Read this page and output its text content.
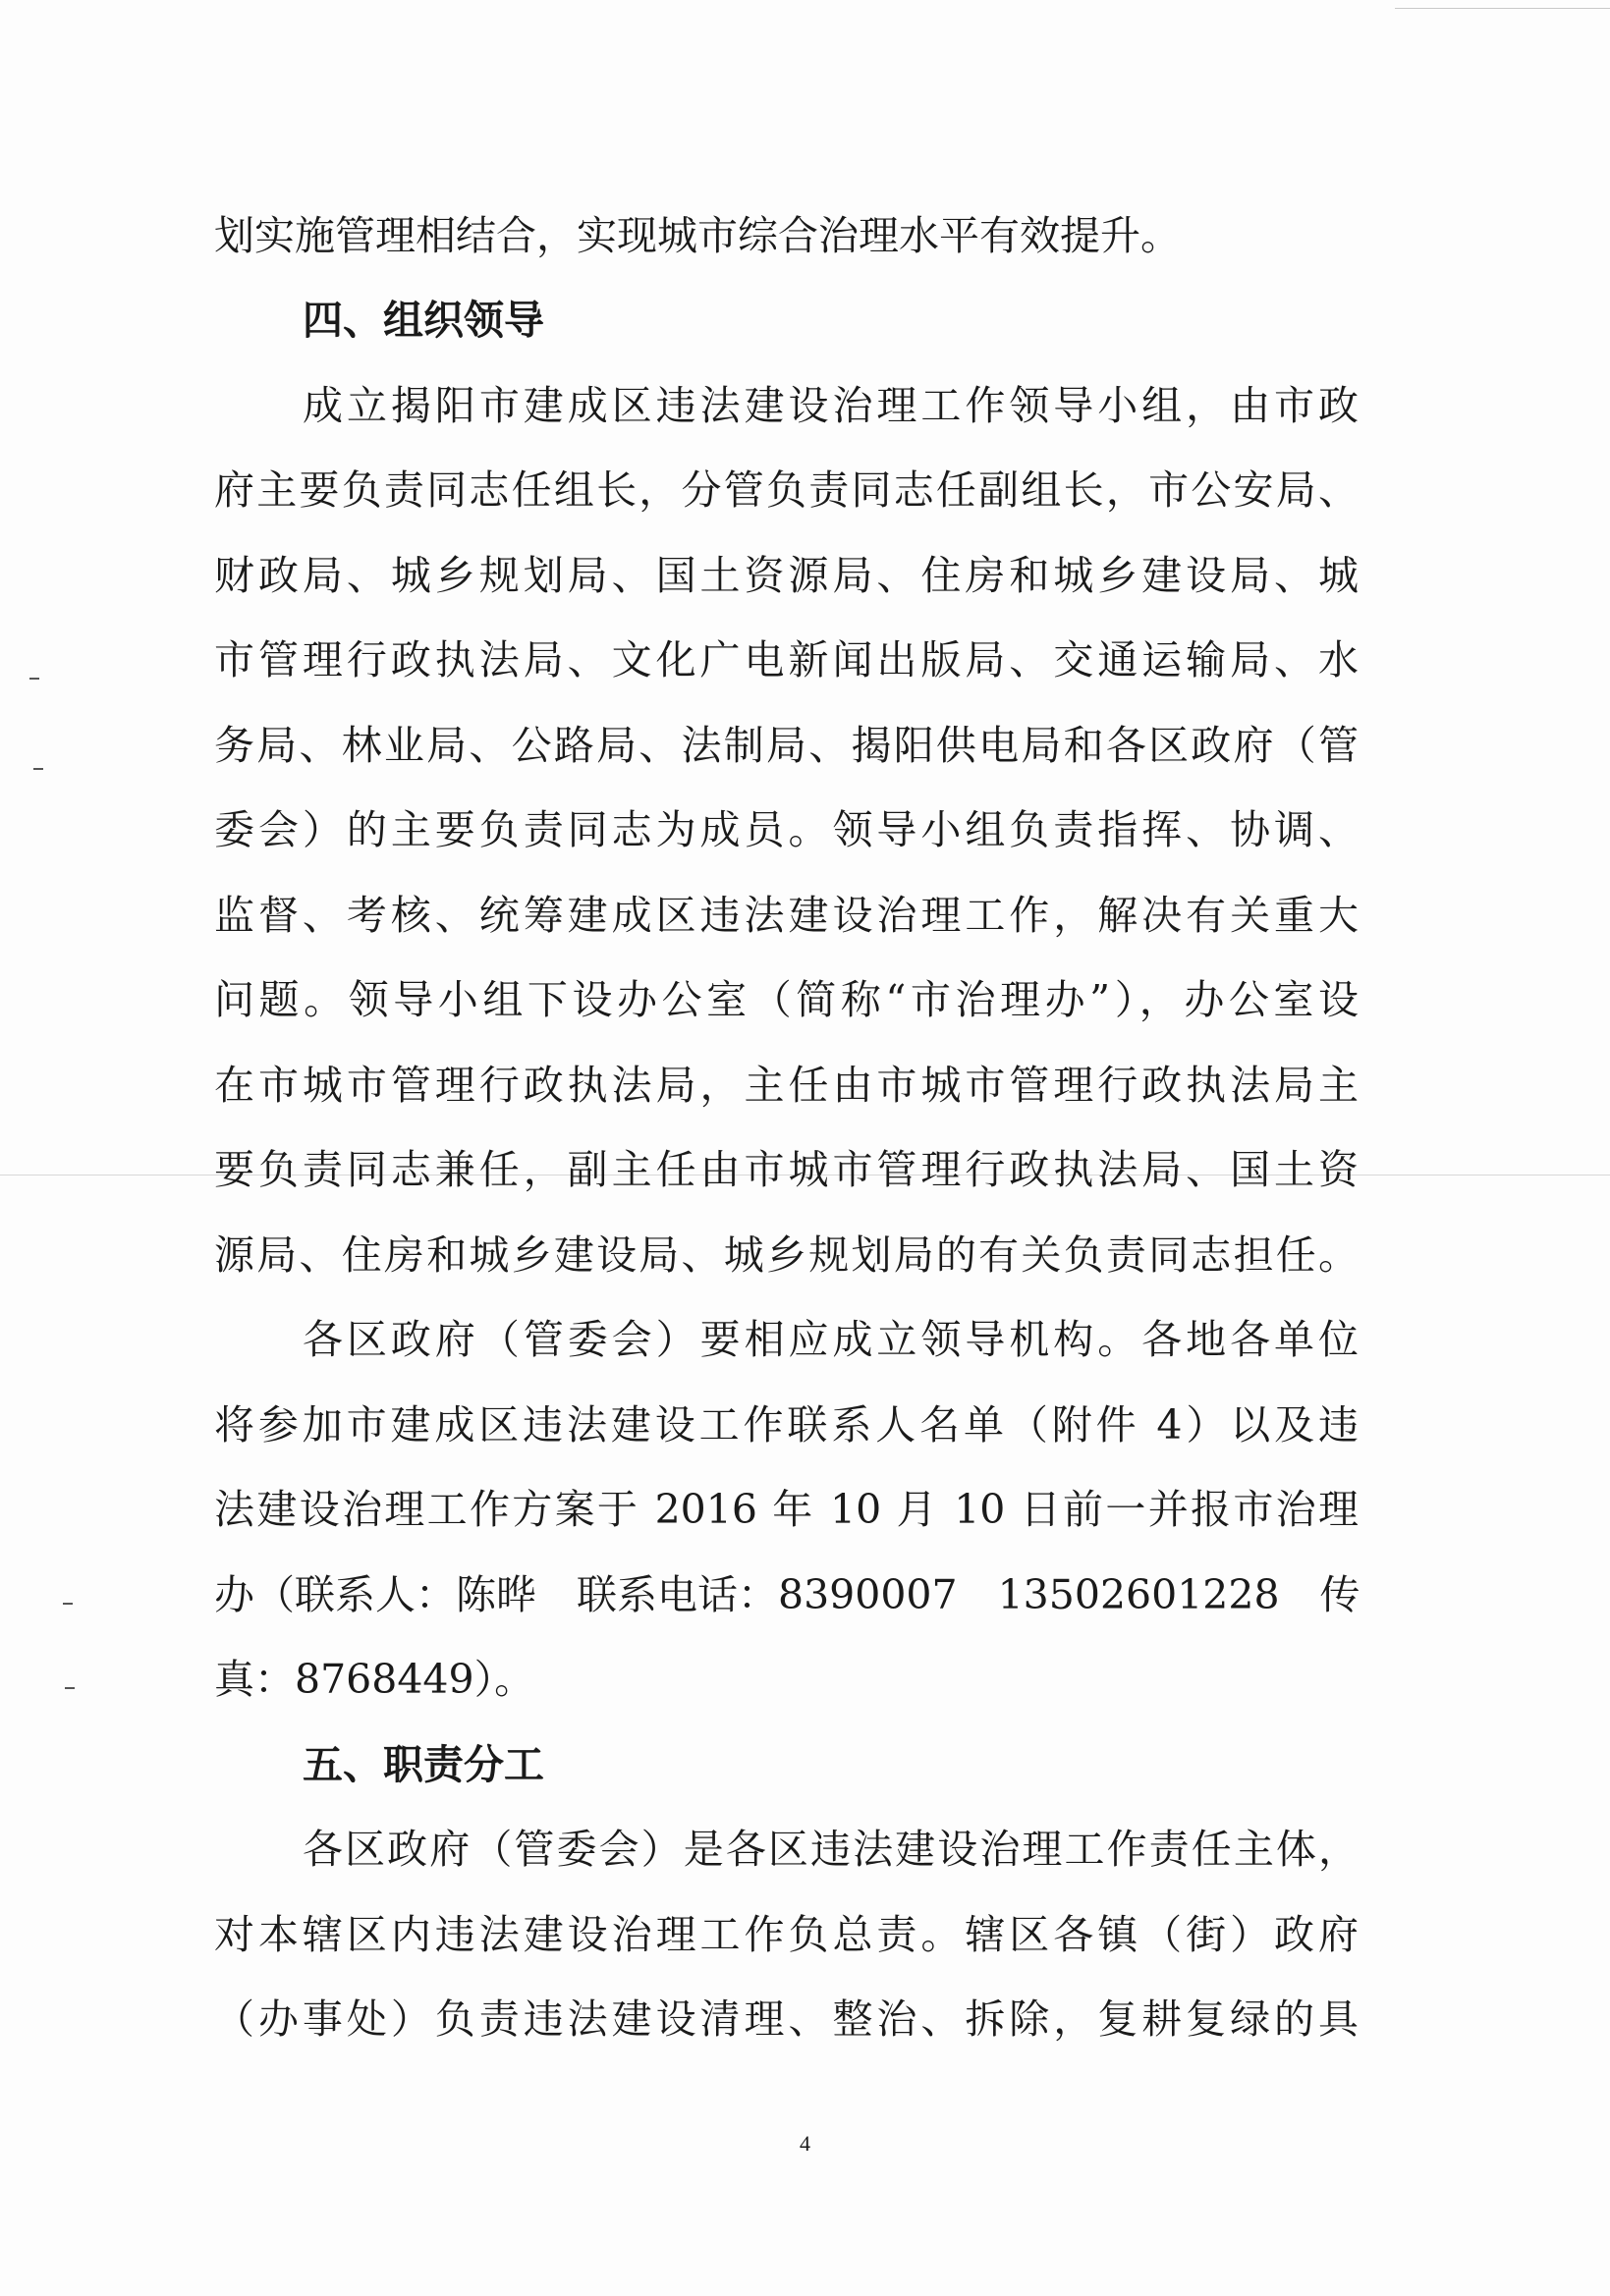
划实施管理相结合，实现城市综合治理水平有效提升。
四、组织领导
成立揭阳市建成区违法建设治理工作领导小组，由市政
府主要负责同志任组长，分管负责同志任副组长，市公安局、
财政局、城乡规划局、国土资源局、住房和城乡建设局、城
市管理行政执法局、文化广电新闻出版局、交通运输局、水
务局、林业局、公路局、法制局、揭阳供电局和各区政府（管
委会）的主要负责同志为成员。领导小组负责指挥、协调、
监督、考核、统筹建成区违法建设治理工作，解决有关重大
问题。领导小组下设办公室（简称“市治理办”），办公室设
在市城市管理行政执法局，主任由市城市管理行政执法局主
要负责同志兼任，副主任由市城市管理行政执法局、国土资
源局、住房和城乡建设局、城乡规划局的有关负责同志担任。
各区政府（管委会）要相应成立领导机构。各地各单位
将参加市建成区违法建设工作联系人名单（附件 4）以及违
法建设治理工作方案于 2016 年 10 月 10 日前一并报市治理
办（联系人：陈晔　联系电话：8390007　13502601228　传
真：8768449）。
五、职责分工
各区政府（管委会）是各区违法建设治理工作责任主体，
对本辖区内违法建设治理工作负总责。辖区各镇（街）政府
（办事处）负责违法建设清理、整治、拆除，复耕复绿的具
4
